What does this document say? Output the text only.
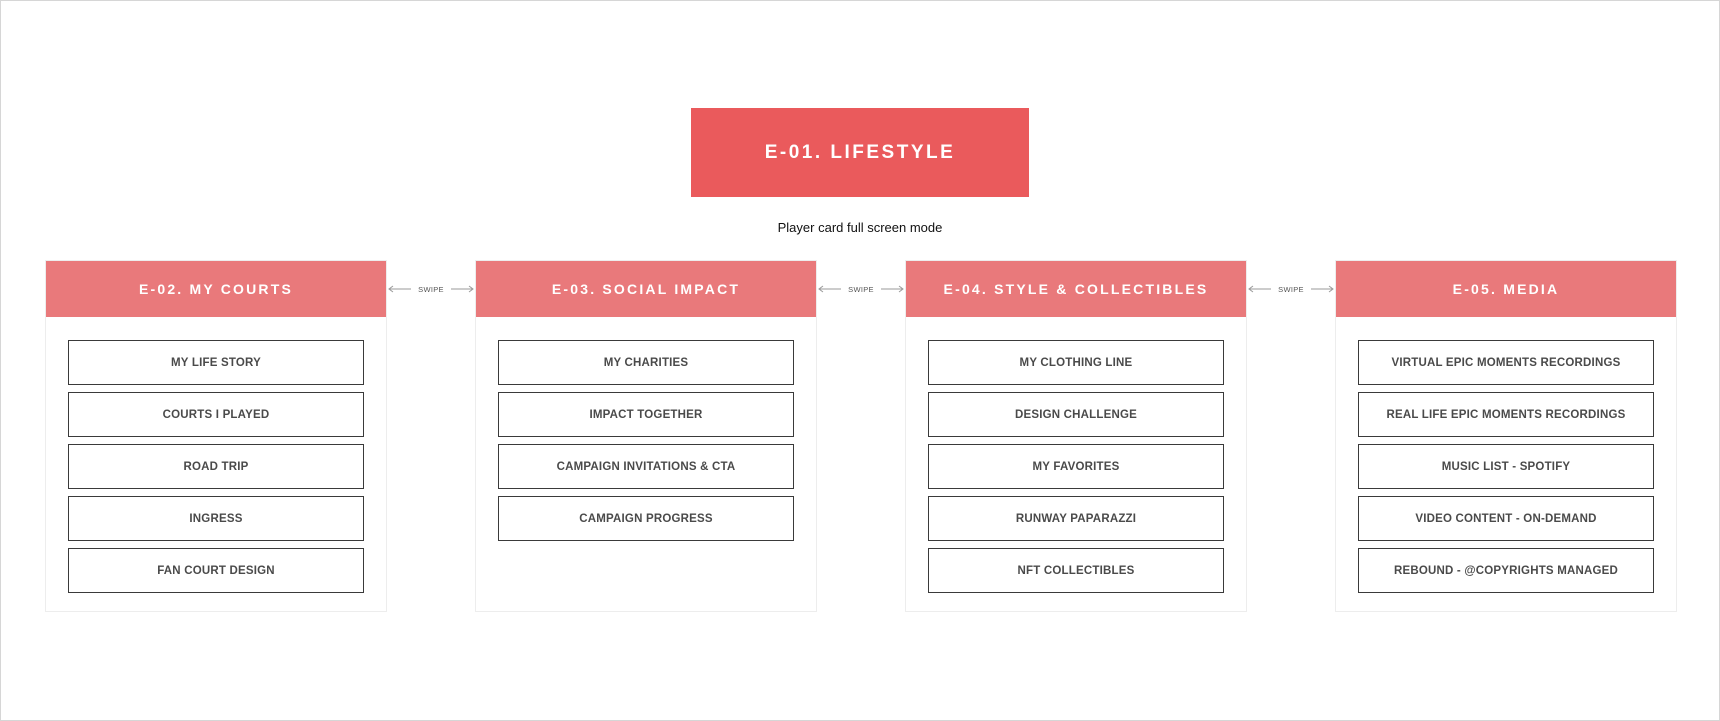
E-01. LIFESTYLE
Player card full screen mode
E-02. MY COURTS
MY LIFE STORY
COURTS I PLAYED
ROAD TRIP
INGRESS
FAN COURT DESIGN
SWIPE	E-03. SOCIAL IMPACT
MY CHARITIES
IMPACT TOGETHER
CAMPAIGN INVITATIONS & CTA
CAMPAIGN PROGRESS
SWIPE	E-04. STYLE & COLLECTIBLES
MY CLOTHING LINE
DESIGN CHALLENGE
MY FAVORITES
RUNWAY PAPARAZZI
NFT COLLECTIBLES
SWIPE	E-05. MEDIA
VIRTUAL EPIC MOMENTS RECORDINGS
REAL LIFE EPIC MOMENTS RECORDINGS
MUSIC LIST - SPOTIFY
VIDEO CONTENT - ON-DEMAND
REBOUND - @COPYRIGHTS MANAGED
